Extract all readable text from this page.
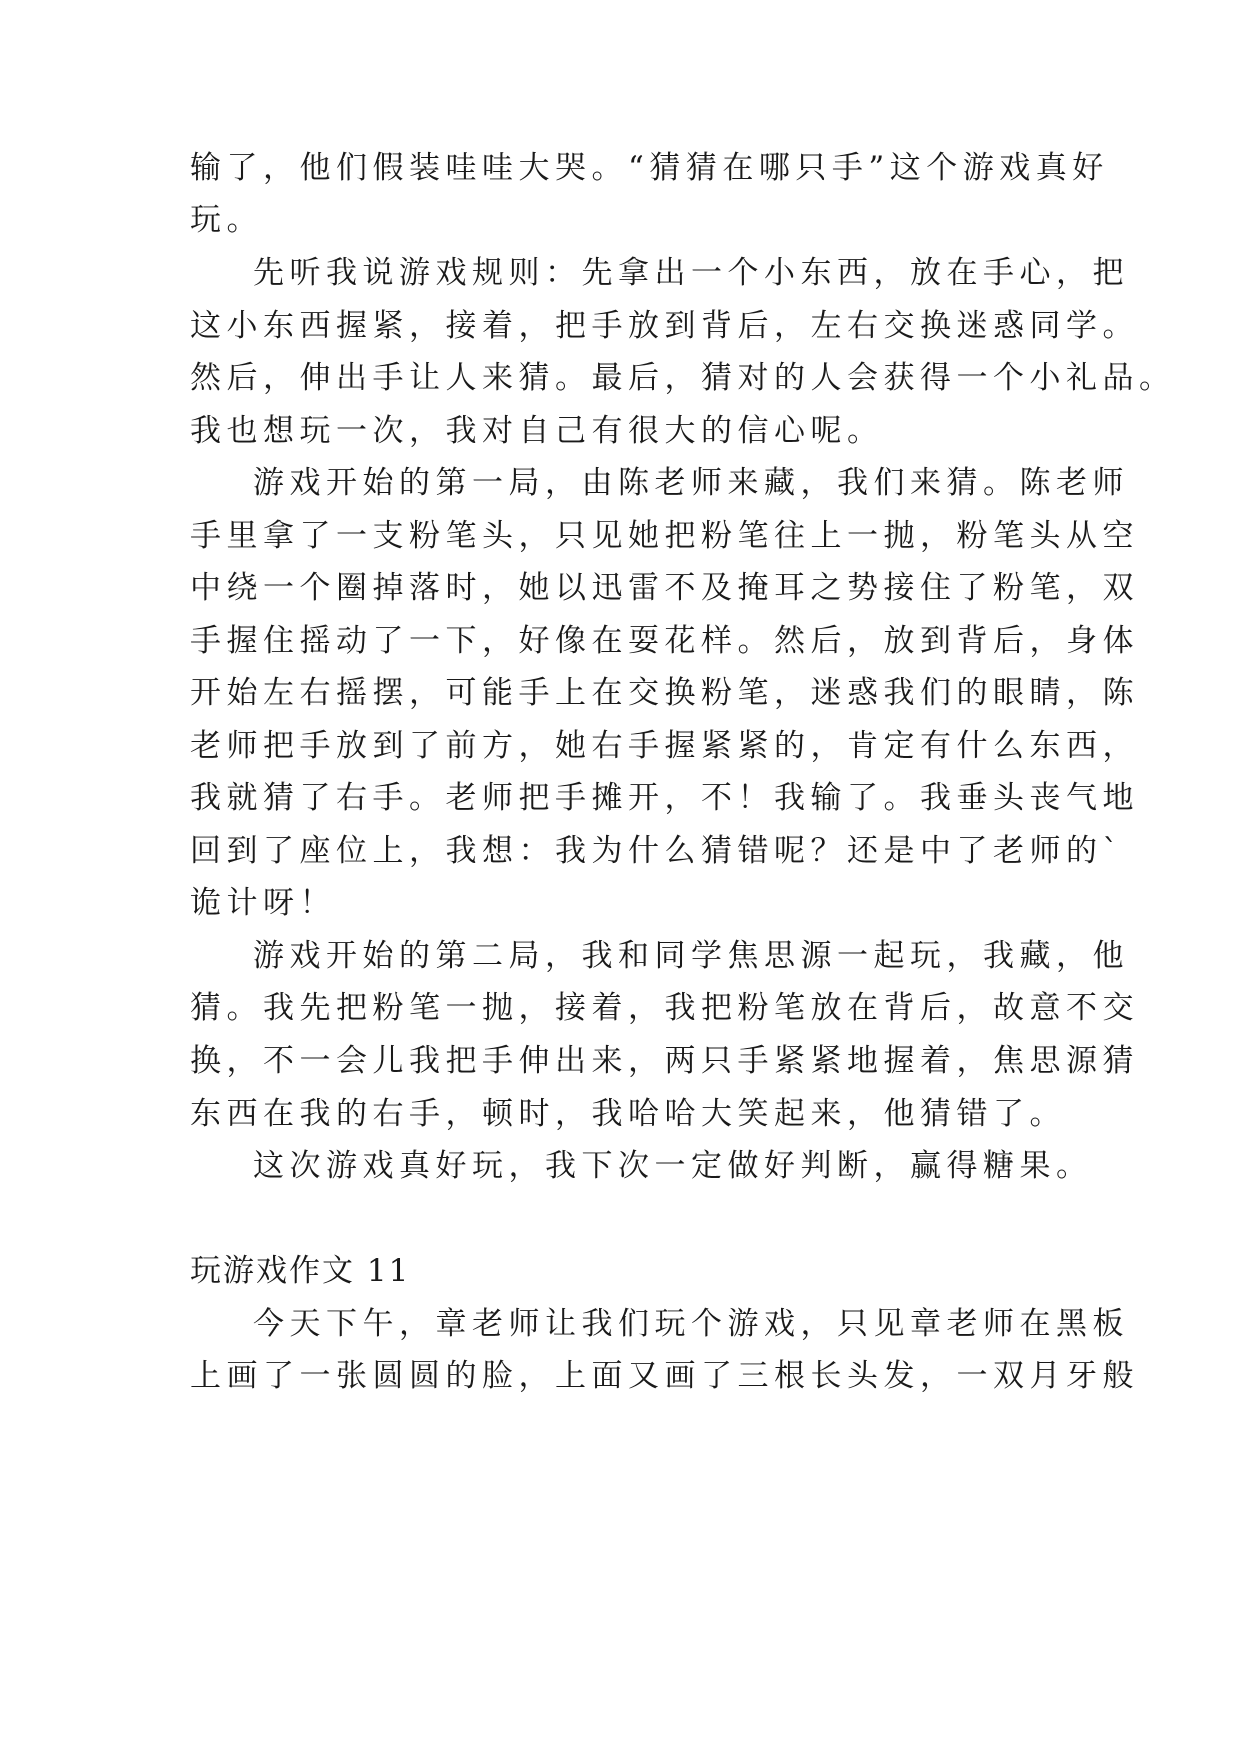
输了，他们假装哇哇大哭。“猜猜在哪只手”这个游戏真好
玩。
先听我说游戏规则：先拿出一个小东西，放在手心，把
这小东西握紧，接着，把手放到背后，左右交换迷惑同学。
然后，伸出手让人来猜。最后，猜对的人会获得一个小礼品。
我也想玩一次，我对自己有很大的信心呢。
游戏开始的第一局，由陈老师来藏，我们来猜。陈老师
手里拿了一支粉笔头，只见她把粉笔往上一抛，粉笔头从空
中绕一个圈掉落时，她以迅雷不及掩耳之势接住了粉笔，双
手握住摇动了一下，好像在耍花样。然后，放到背后，身体
开始左右摇摆，可能手上在交换粉笔，迷惑我们的眼睛，陈
老师把手放到了前方，她右手握紧紧的，肯定有什么东西，
我就猜了右手。老师把手摊开，不！我输了。我垂头丧气地
回到了座位上，我想：我为什么猜错呢？还是中了老师的`
诡计呀！
游戏开始的第二局，我和同学焦思源一起玩，我藏，他
猜。我先把粉笔一抛，接着，我把粉笔放在背后，故意不交
换，不一会儿我把手伸出来，两只手紧紧地握着，焦思源猜
东西在我的右手，顿时，我哈哈大笑起来，他猜错了。
这次游戏真好玩，我下次一定做好判断，赢得糖果。
玩游戏作文 11
今天下午，章老师让我们玩个游戏，只见章老师在黑板
上画了一张圆圆的脸，上面又画了三根长头发，一双月牙般
